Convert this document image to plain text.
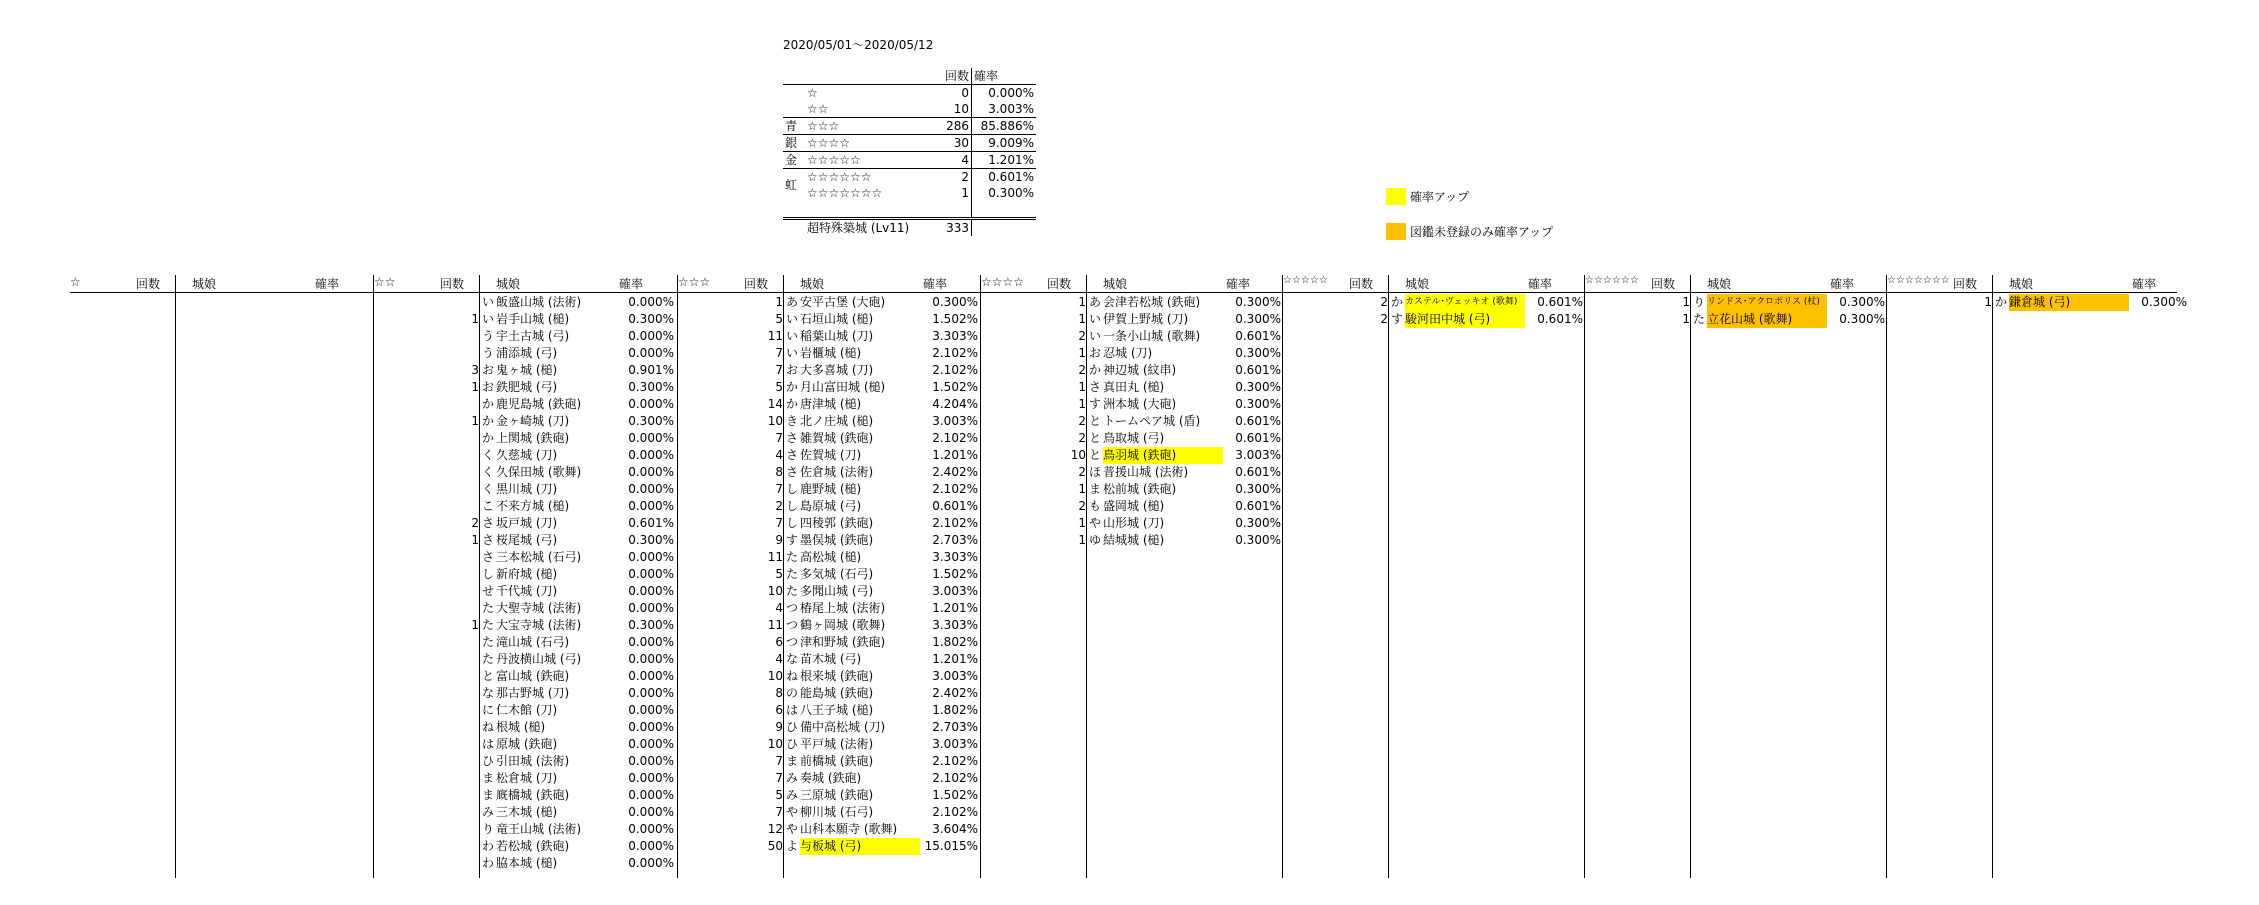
2020/05/01〜2020/05/12
		回数	確率
	☆	0	0.000%
	☆☆	10	3.003%
青	☆☆☆	286	85.886%
銀	☆☆☆☆	30	9.009%
金	☆☆☆☆☆	4	1.201%
虹	☆☆☆☆☆☆	2	0.601%
	☆☆☆☆☆☆☆	1	0.300%

	超特殊築城 (Lv11)	333	
確率アップ
図鑑未登録のみ確率アップ
☆	回数	城娘	確率	☆☆	回数	城娘	確率
い 飯盛山城 (法術)	0.000%
1 い 岩手山城 (槌)	0.300%
う 宇土古城 (弓)	0.000%
う 浦添城 (弓)	0.000%
3 お 鬼ヶ城 (槌)	0.901%
1 お 鉄肥城 (弓)	0.300%
か 鹿児島城 (鉄砲)	0.000%
1 か 金ヶ崎城 (刀)	0.300%
か 上関城 (鉄砲)	0.000%
く 久慈城 (刀)	0.000%
く 久保田城 (歌舞)	0.000%
く 黒川城 (刀)	0.000%
こ 不来方城 (槌)	0.000%
2 さ 坂戸城 (刀)	0.601%
1 さ 桜尾城 (弓)	0.300%
さ 三本松城 (石弓)	0.000%
し 新府城 (槌)	0.000%
せ 千代城 (刀)	0.000%
た 大聖寺城 (法術)	0.000%
1 た 大宝寺城 (法術)	0.300%
た 滝山城 (石弓)	0.000%
た 丹波横山城 (弓)	0.000%
と 富山城 (鉄砲)	0.000%
な 那古野城 (刀)	0.000%
に 仁木館 (刀)	0.000%
ね 根城 (槌)	0.000%
は 原城 (鉄砲)	0.000%
ひ 引田城 (法術)	0.000%
ま 松倉城 (刀)	0.000%
ま 廐橋城 (鉄砲)	0.000%
み 三木城 (槌)	0.000%
り 竜王山城 (法術)	0.000%
わ 若松城 (鉄砲)	0.000%
わ 脇本城 (槌)	0.000%
☆☆☆	回数	城娘	確率
1 あ 安平古堡 (大砲)	0.300%
5 い 石垣山城 (槌)	1.502%
11 い 稲葉山城 (刀)	3.303%
7 い 岩櫃城 (槌)	2.102%
7 お 大多喜城 (刀)	2.102%
5 か 月山富田城 (槌)	1.502%
14 か 唐津城 (槌)	4.204%
10 き 北ノ庄城 (槌)	3.003%
7 さ 雑賀城 (鉄砲)	2.102%
4 さ 佐賀城 (刀)	1.201%
8 さ 佐倉城 (法術)	2.402%
7 し 鹿野城 (槌)	2.102%
2 し 島原城 (弓)	0.601%
7 し 四稜郭 (鉄砲)	2.102%
9 す 墨俣城 (鉄砲)	2.703%
11 た 高松城 (槌)	3.303%
5 た 多気城 (石弓)	1.502%
10 た 多聞山城 (弓)	3.003%
4 つ 椿尾上城 (法術)	1.201%
11 つ 鶴ヶ岡城 (歌舞)	3.303%
6 つ 津和野城 (鉄砲)	1.802%
4 な 苗木城 (弓)	1.201%
10 ね 根来城 (鉄砲)	3.003%
8 の 能島城 (鉄砲)	2.402%
6 は 八王子城 (槌)	1.802%
9 ひ 備中高松城 (刀)	2.703%
10 ひ 平戸城 (法術)	3.003%
7 ま 前橋城 (鉄砲)	2.102%
7 み 奏城 (鉄砲)	2.102%
5 み 三原城 (鉄砲)	1.502%
7 や 柳川城 (石弓)	2.102%
12 や 山科本願寺 (歌舞)	3.604%
50 よ 与板城 (弓)	15.015%
☆☆☆☆ 回数	城娘	確率
1 あ 会津若松城 (鉄砲)	0.300%
1 い 伊賀上野城 (刀)	0.300%
2 い 一条小山城 (歌舞)	0.601%
1 お 忍城 (刀)	0.300%
2 か 神辺城 (紋串)	0.601%
1 さ 真田丸 (槌)	0.300%
1 す 洲本城 (大砲)	0.300%
2 と トームペア城 (盾)	0.601%
2 と 鳥取城 (弓)	0.601%
10 と 鳥羽城 (鉄砲)	3.003%
2 ほ 普援山城 (法術)	0.601%
1 ま 松前城 (鉄砲)	0.300%
2 も 盛岡城 (槌)	0.601%
1 や 山形城 (刀)	0.300%
1 ゆ 結城城 (槌)	0.300%
☆☆☆☆☆ 回数	城娘	確率
2 か カステル･ヴェッキオ (歌舞)	0.601%
2 す 駿河田中城 (弓)	0.601%
☆☆☆☆☆☆ 回数	城娘	確率
1 り リンドス･アクロポリス (杖)	0.300%
1 た 立花山城 (歌舞)	0.300%
☆☆☆☆☆☆☆ 回数	城娘	確率
1 か 鎌倉城 (弓)	0.300%
